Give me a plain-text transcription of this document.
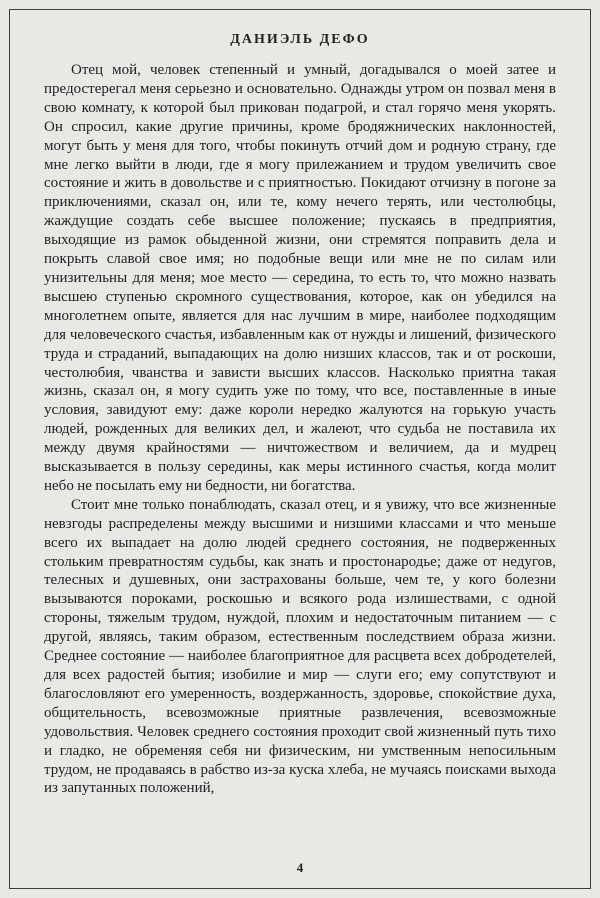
ДАНИЭЛЬ ДЕФО

Отец мой, человек степенный и умный, догадывался о моей затее и предостерегал меня серьезно и основательно. Однажды утром он позвал меня в свою комнату, к которой был прикован подагрой, и стал горячо меня укорять. Он спросил, какие другие причины, кроме бродяжнических наклонностей, могут быть у меня для того, чтобы покинуть отчий дом и родную страну, где мне легко выйти в люди, где я могу прилежанием и трудом увеличить свое состояние и жить в довольстве и с приятностью. Покидают отчизну в погоне за приключениями, сказал он, или те, кому нечего терять, или честолюбцы, жаждущие создать себе высшее положение; пускаясь в предприятия, выходящие из рамок обыденной жизни, они стремятся поправить дела и покрыть славой свое имя; но подобные вещи или мне не по силам или унизительны для меня; мое место — середина, то есть то, что можно назвать высшею ступенью скромного существования, которое, как он убедился на многолетнем опыте, является для нас лучшим в мире, наиболее подходящим для человеческого счастья, избавленным как от нужды и лишений, физического труда и страданий, выпадающих на долю низших классов, так и от роскоши, честолюбия, чванства и зависти высших классов. Насколько приятна такая жизнь, сказал он, я могу судить уже по тому, что все, поставленные в иные условия, завидуют ему: даже короли нередко жалуются на горькую участь людей, рожденных для великих дел, и жалеют, что судьба не поставила их между двумя крайностями — ничтожеством и величием, да и мудрец высказывается в пользу середины, как меры истинного счастья, когда молит небо не посылать ему ни бедности, ни богатства.

Стоит мне только понаблюдать, сказал отец, и я увижу, что все жизненные невзгоды распределены между высшими и низшими классами и что меньше всего их выпадает на долю людей среднего состояния, не подверженных стольким превратностям судьбы, как знать и простонародье; даже от недугов, телесных и душевных, они застрахованы больше, чем те, у кого болезни вызываются пороками, роскошью и всякого рода излишествами, с одной стороны, тяжелым трудом, нуждой, плохим и недостаточным питанием — с другой, являясь, таким образом, естественным последствием образа жизни. Среднее состояние — наиболее благоприятное для расцвета всех добродетелей, для всех радостей бытия; изобилие и мир — слуги его; ему сопутствуют и благословляют его умеренность, воздержанность, здоровье, спокойствие духа, общительность, всевозможные приятные развлечения, всевозможные удовольствия. Человек среднего состояния проходит свой жизненный путь тихо и гладко, не обременяя себя ни физическим, ни умственным непосильным трудом, не продаваясь в рабство из-за куска хлеба, не мучаясь поисками выхода из запутанных положений,

4
